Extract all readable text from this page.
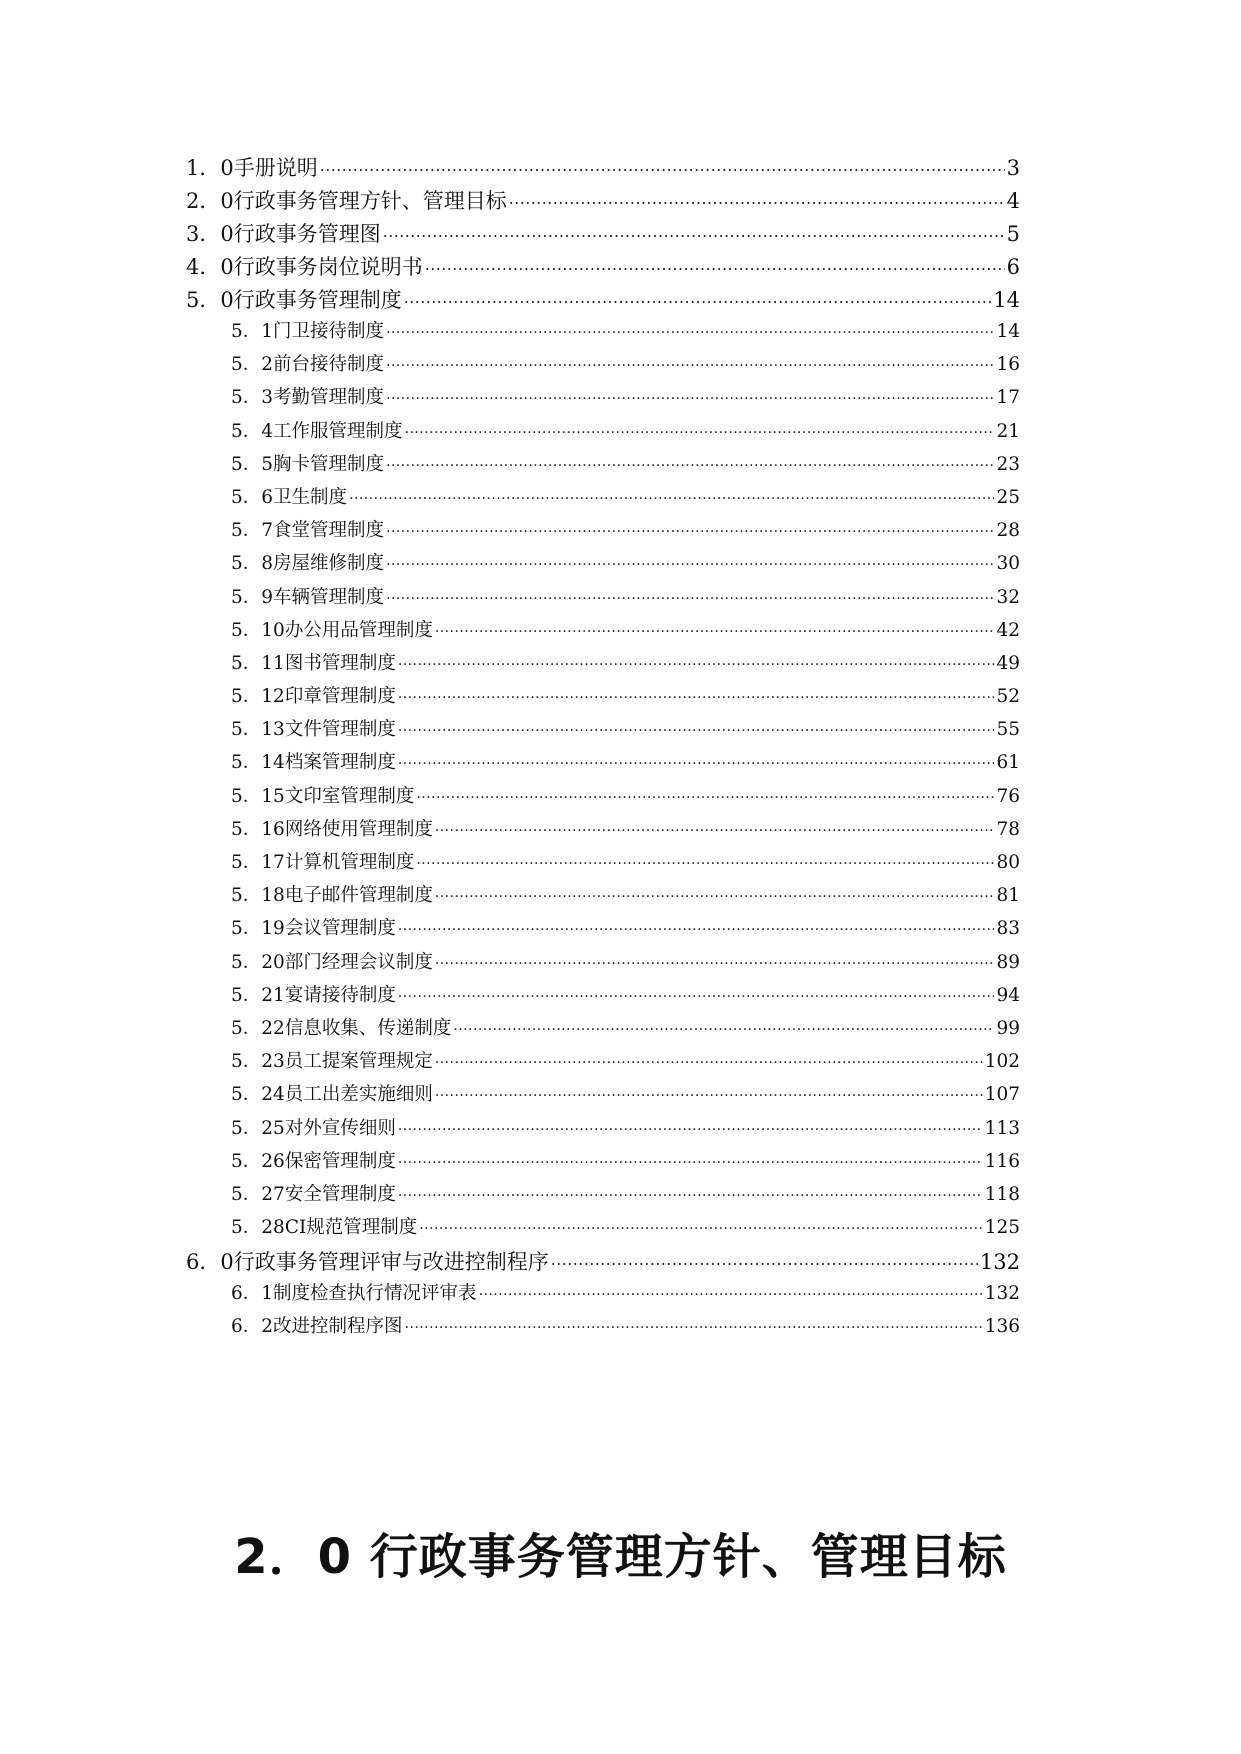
1．0 手册说明 .....	3
2．0 行政事务管理方针、管理目标 .....	4
3．0 行政事务管理图 .....	5
4．0 行政事务岗位说明书 .....	6
5．0 行政事务管理制度 .....	14
5．1 门卫接待制度 .....	14
5．2 前台接待制度 .....	16
5．3 考勤管理制度 .....	17
5．4 工作服管理制度 .....	21
5．5 胸卡管理制度 .....	23
5．6 卫生制度 .....	25
5．7 食堂管理制度 .....	28
5．8 房屋维修制度 .....	30
5．9 车辆管理制度 .....	32
5．10 办公用品管理制度 .....	42
5．11 图书管理制度 .....	49
5．12 印章管理制度 .....	52
5．13 文件管理制度 .....	55
5．14 档案管理制度 .....	61
5．15 文印室管理制度 .....	76
5．16 网络使用管理制度 .....	78
5．17 计算机管理制度 .....	80
5．18 电子邮件管理制度 .....	81
5．19 会议管理制度 .....	83
5．20 部门经理会议制度 .....	89
5．21 宴请接待制度 .....	94
5．22 信息收集、传递制度 .....	99
5．23 员工提案管理规定 .....	102
5．24 员工出差实施细则 .....	107
5．25 对外宣传细则 .....	113
5．26 保密管理制度 .....	116
5．27 安全管理制度 .....	118
5．28 CI规范管理制度 .....	125
6．0 行政事务管理评审与改进控制程序 .....	132
6．1 制度检查执行情况评审表 .....	132
6．2 改进控制程序图 .....	136
2．0 行政事务管理方针、管理目标
